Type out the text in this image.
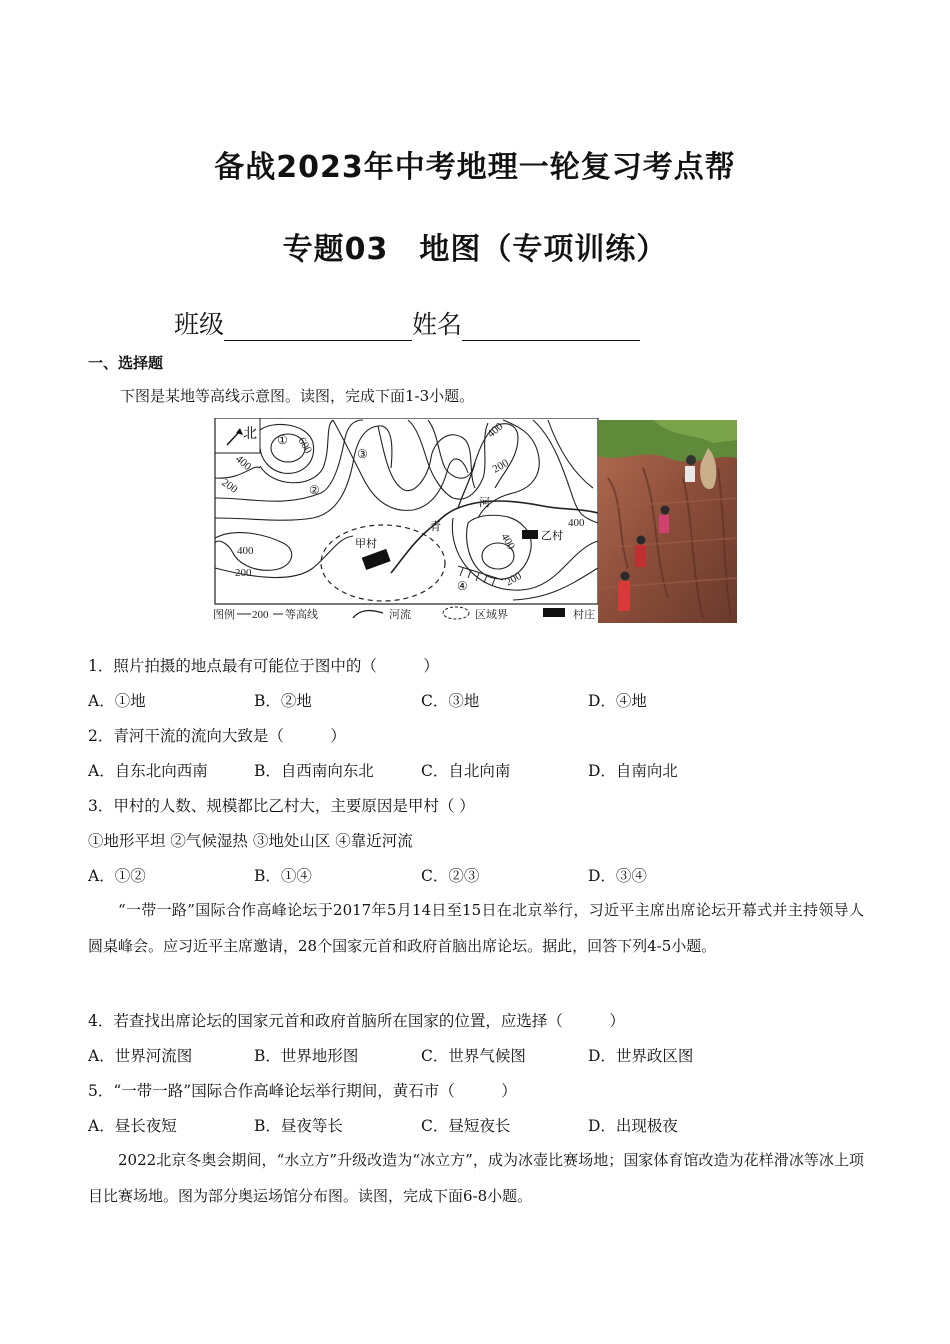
备战2023年中考地理一轮复习考点帮
专题03　地图（专项训练）
班级	姓名
一、选择题
下图是某地等高线示意图。读图，完成下面1-3小题。
北
甲村
乙村
600
400
200
400
200
400
200
400
400
200
①
②
③
④
青
河
图例 200 等高线	河流	区域界	村庄
1．照片拍摄的地点最有可能位于图中的（　　　）
A．①地	B．②地	C．③地	D．④地
2．青河干流的流向大致是（　　　）
A．自东北向西南	B．自西南向东北	C．自北向南	D．自南向北
3．甲村的人数、规模都比乙村大，主要原因是甲村（ ）
①地形平坦 ②气候湿热 ③地处山区 ④靠近河流
A．①②	B．①④	C．②③	D．③④
“一带一路”国际合作高峰论坛于2017年5月14日至15日在北京举行，习近平主席出席论坛开幕式并主持领导人圆桌峰会。应习近平主席邀请，28个国家元首和政府首脑出席论坛。据此，回答下列4-5小题。
4．若查找出席论坛的国家元首和政府首脑所在国家的位置，应选择（　　　）
A．世界河流图	B．世界地形图	C．世界气候图	D．世界政区图
5．“一带一路”国际合作高峰论坛举行期间，黄石市（　　　）
A．昼长夜短	B．昼夜等长	C．昼短夜长	D．出现极夜
2022北京冬奥会期间，“水立方”升级改造为“冰立方”，成为冰壶比赛场地；国家体育馆改造为花样滑冰等冰上项目比赛场地。图为部分奥运场馆分布图。读图，完成下面6-8小题。
